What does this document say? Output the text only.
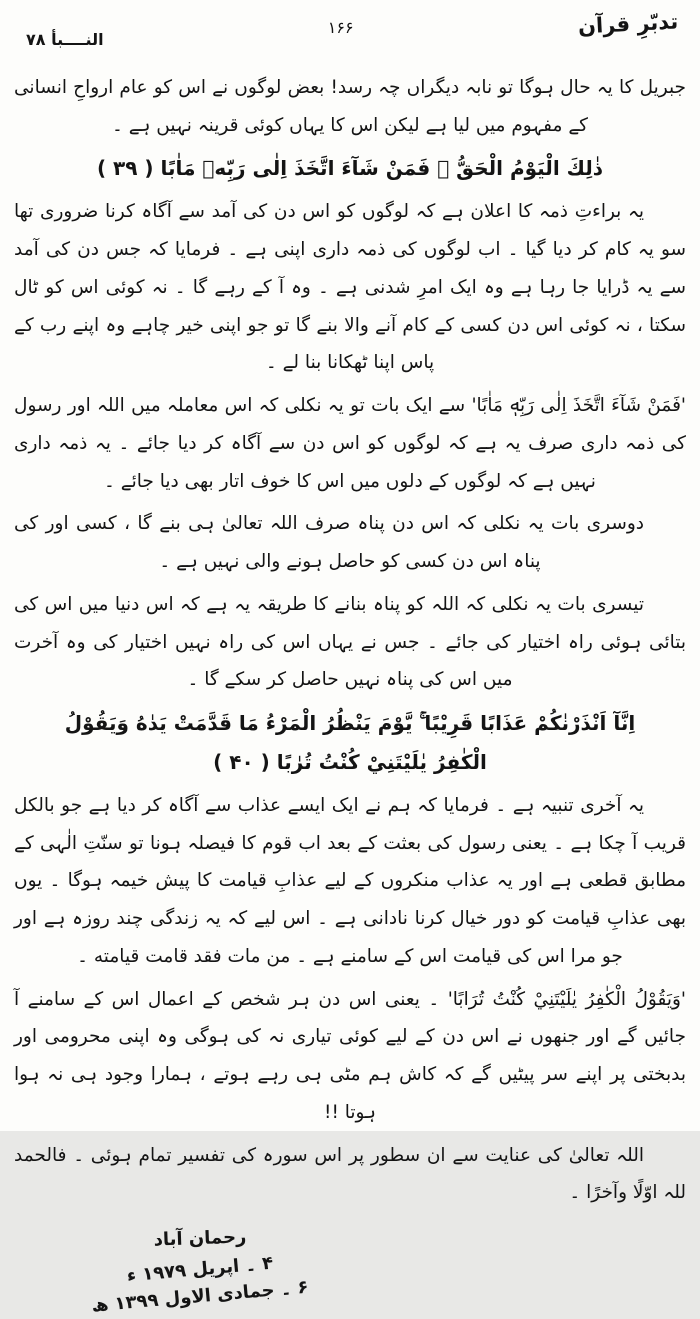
تدبّرِ قرآن
۱۶۶
النــــبأ ۷۸

جبریل کا یہ حال ہوگا تو نابہ دیگراں چہ رسد! بعض لوگوں نے اس کو عام ارواحِ انسانی کے مفہوم میں لیا ہے لیکن اس کا یہاں کوئی قرینہ نہیں ہے ۔

ذٰلِكَ الْيَوْمُ الْحَقُّ ۚ فَمَنْ شَآءَ اتَّخَذَ اِلٰى رَبِّهٖ مَاٰبًا ( ۳۹ )

یہ براءتِ ذمہ کا اعلان ہے کہ لوگوں کو اس دن کی آمد سے آگاہ کرنا ضروری تھا سو یہ کام کر دیا گیا ۔ اب لوگوں کی ذمہ داری اپنی ہے ۔ فرمایا کہ جس دن کی آمد سے یہ ڈرایا جا رہا ہے وہ ایک امرِ شدنی ہے ۔ وہ آ کے رہے گا ۔ نہ کوئی اس کو ٹال سکتا ، نہ کوئی اس دن کسی کے کام آنے والا بنے گا تو جو اپنی خیر چاہے وہ اپنے رب کے پاس اپنا ٹھکانا بنا لے ۔

'فَمَنْ شَآءَ اتَّخَذَ اِلٰى رَبِّهٖ مَاٰبًا' سے ایک بات تو یہ نکلی کہ اس معاملہ میں اللہ اور رسول کی ذمہ داری صرف یہ ہے کہ لوگوں کو اس دن سے آگاہ کر دیا جائے ۔ یہ ذمہ داری نہیں ہے کہ لوگوں کے دلوں میں اس کا خوف اتار بھی دیا جائے ۔

دوسری بات یہ نکلی کہ اس دن پناہ صرف اللہ تعالیٰ ہی بنے گا ، کسی اور کی پناہ اس دن کسی کو حاصل ہونے والی نہیں ہے ۔

تیسری بات یہ نکلی کہ اللہ کو پناہ بنانے کا طریقہ یہ ہے کہ اس دنیا میں اس کی بتائی ہوئی راہ اختیار کی جائے ۔ جس نے یہاں اس کی راہ نہیں اختیار کی وہ آخرت میں اس کی پناہ نہیں حاصل کر سکے گا ۔

اِنَّآ اَنْذَرْنٰكُمْ عَذَابًا قَرِيْبًا ۚ يَّوْمَ يَنْظُرُ الْمَرْءُ مَا قَدَّمَتْ يَدٰهُ وَيَقُوْلُ الْكٰفِرُ يٰلَيْتَنِيْ كُنْتُ تُرٰبًا ( ۴۰ )

یہ آخری تنبیہ ہے ۔ فرمایا کہ ہم نے ایک ایسے عذاب سے آگاہ کر دیا ہے جو بالکل قریب آ چکا ہے ۔ یعنی رسول کی بعثت کے بعد اب قوم کا فیصلہ ہونا تو سنّتِ الٰہی کے مطابق قطعی ہے اور یہ عذاب منکروں کے لیے عذابِ قیامت کا پیش خیمہ ہوگا ۔ یوں بھی عذابِ قیامت کو دور خیال کرنا نادانی ہے ۔ اس لیے کہ یہ زندگی چند روزہ ہے اور جو مرا اس کی قیامت اس کے سامنے ہے ۔ من مات فقد قامت قیامته ۔

'وَيَقُوْلُ الْكٰفِرُ يٰلَيْتَنِيْ كُنْتُ تُرَابًا' ۔ یعنی اس دن ہر شخص کے اعمال اس کے سامنے آ جائیں گے اور جنھوں نے اس دن کے لیے کوئی تیاری نہ کی ہوگی وہ اپنی محرومی اور بدبختی پر اپنے سر پیٹیں گے کہ کاش ہم مٹی ہی رہے ہوتے ، ہمارا وجود ہی نہ ہوا ہوتا !!

اللہ تعالیٰ کی عنایت سے ان سطور پر اس سورہ کی تفسیر تمام ہوئی ۔ فالحمد للہ اوّلًا وآخرًا ۔

رحمان آباد
۴ ۔ اپریل ۱۹۷۹ ء
۶ ۔ جمادی الاول ۱۳۹۹ ھ
